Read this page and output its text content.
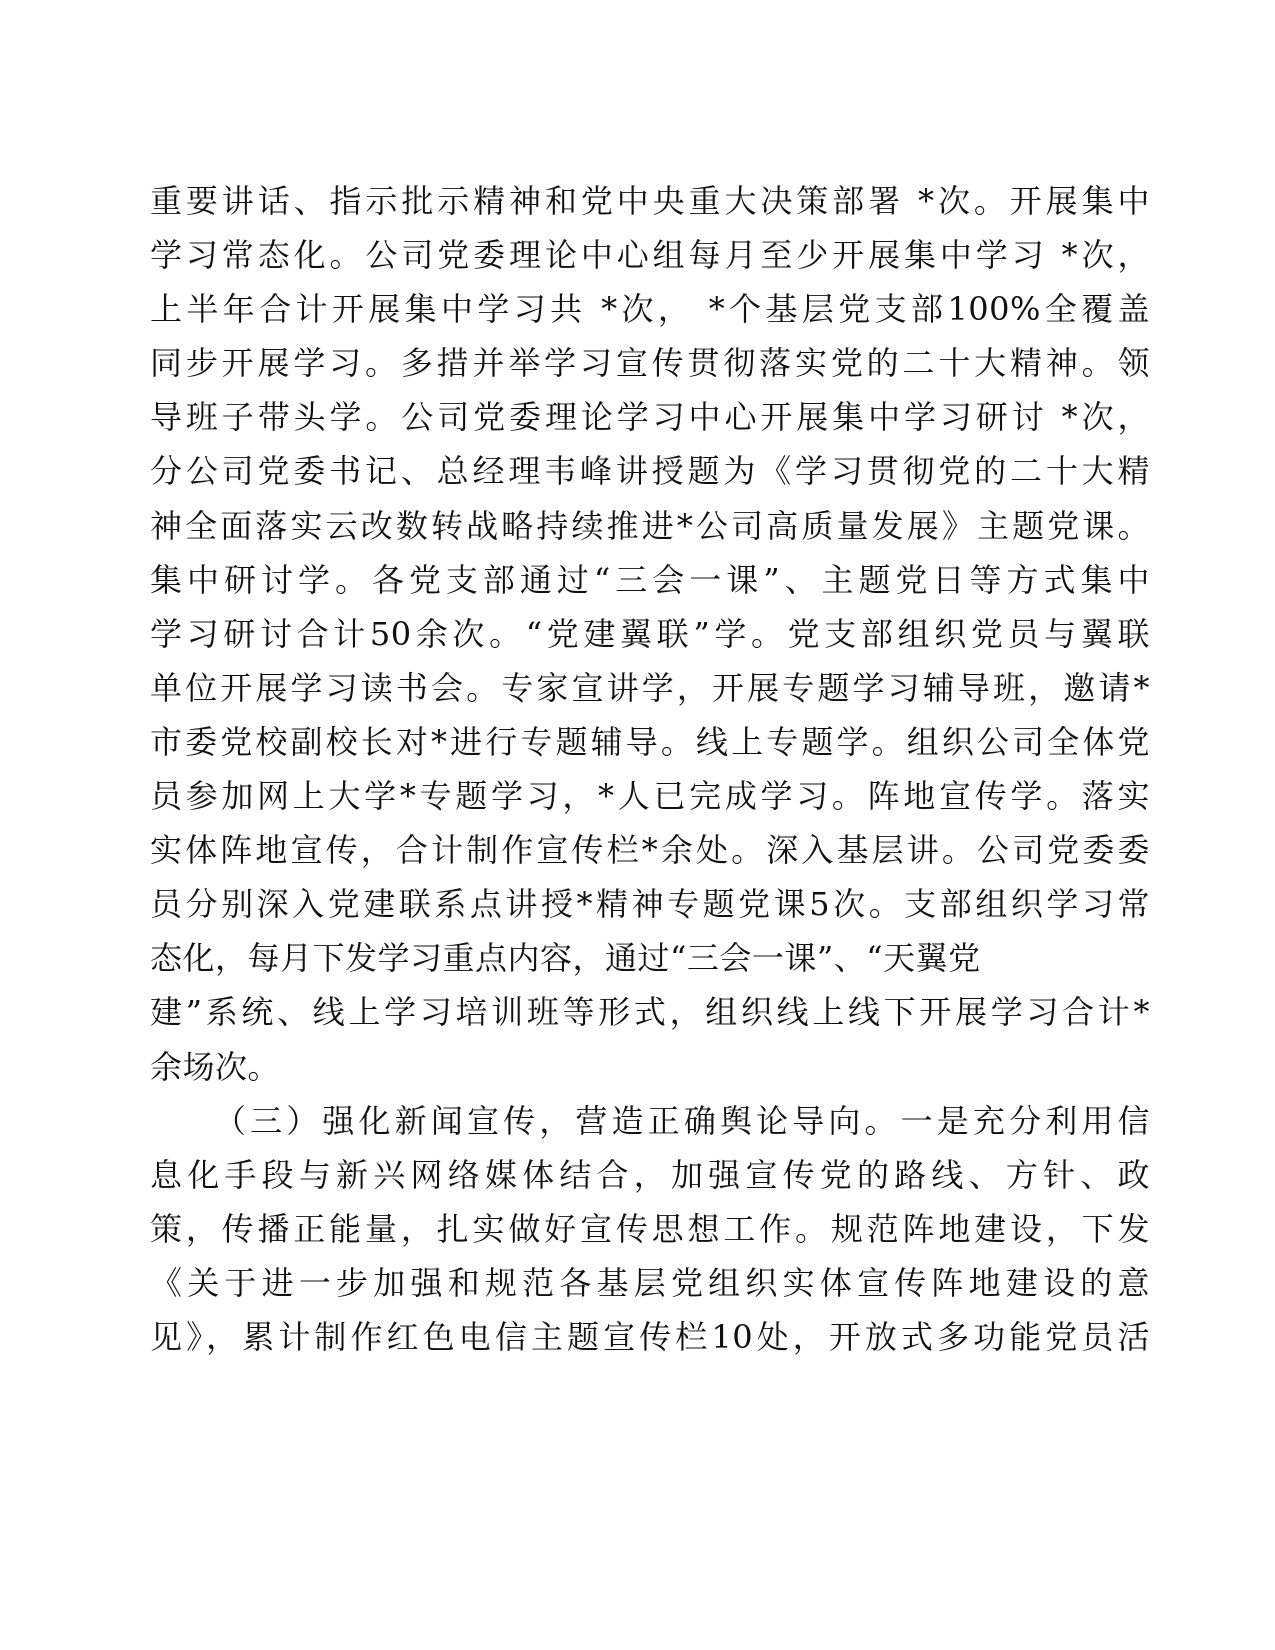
重要讲话、指示批示精神和党中央重大决策部署 *次。开展集中
学习常态化。公司党委理论中心组每月至少开展集中学习 *次，
上半年合计开展集中学习共 *次， *个基层党支部100%全覆盖
同步开展学习。多措并举学习宣传贯彻落实党的二十大精神。领
导班子带头学。公司党委理论学习中心开展集中学习研讨 *次，
分公司党委书记、总经理韦峰讲授题为《学习贯彻党的二十大精
神全面落实云改数转战略持续推进*公司高质量发展》主题党课。
集中研讨学。各党支部通过“三会一课”、主题党日等方式集中
学习研讨合计50余次。“党建翼联”学。党支部组织党员与翼联
单位开展学习读书会。专家宣讲学，开展专题学习辅导班，邀请*
市委党校副校长对*进行专题辅导。线上专题学。组织公司全体党
员参加网上大学*专题学习，*人已完成学习。阵地宣传学。落实
实体阵地宣传，合计制作宣传栏*余处。深入基层讲。公司党委委
员分别深入党建联系点讲授*精神专题党课5次。支部组织学习常
态化，每月下发学习重点内容，通过“三会一课”、“天翼党
建”系统、线上学习培训班等形式，组织线上线下开展学习合计*
余场次。
（三）强化新闻宣传，营造正确舆论导向。一是充分利用信
息化手段与新兴网络媒体结合，加强宣传党的路线、方针、政
策，传播正能量，扎实做好宣传思想工作。规范阵地建设，下发
《关于进一步加强和规范各基层党组织实体宣传阵地建设的意
见》，累计制作红色电信主题宣传栏10处，开放式多功能党员活
